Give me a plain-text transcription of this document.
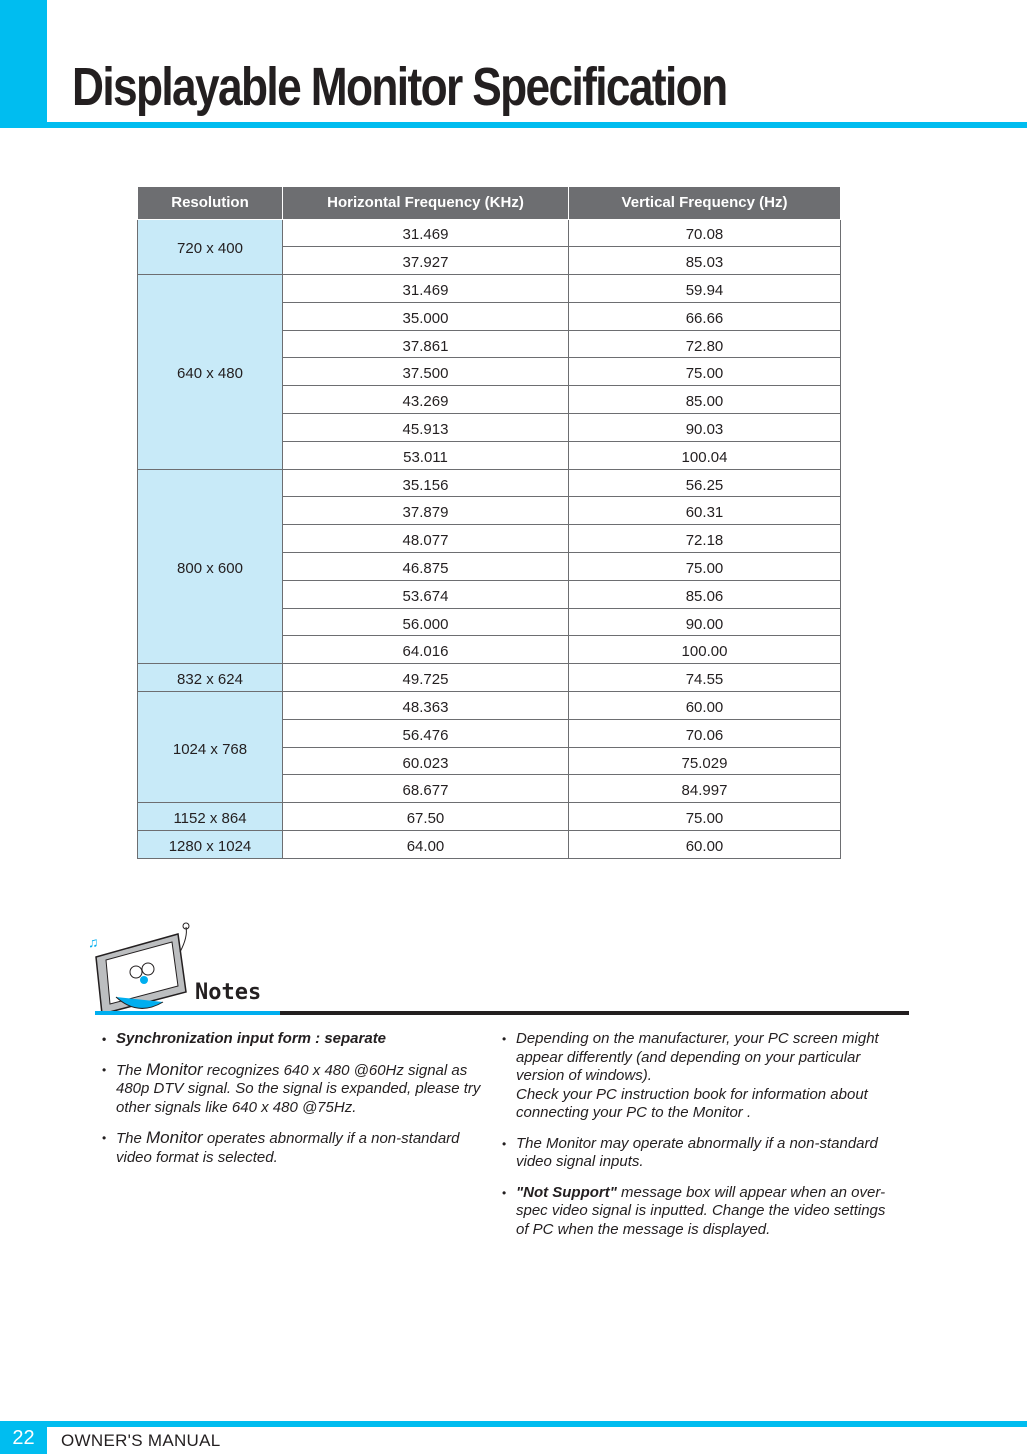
Displayable Monitor Specification
Resolution	Horizontal Frequency (KHz)	Vertical Frequency (Hz)
720 x 400	31.469	70.08
	37.927	85.03
640 x 480	31.469	59.94
	35.000	66.66
	37.861	72.80
	37.500	75.00
	43.269	85.00
	45.913	90.03
	53.011	100.04
800 x 600	35.156	56.25
	37.879	60.31
	48.077	72.18
	46.875	75.00
	53.674	85.06
	56.000	90.00
	64.016	100.00
832 x 624	49.725	74.55
1024 x 768	48.363	60.00
	56.476	70.06
	60.023	75.029
	68.677	84.997
1152 x 864	67.50	75.00
1280 x 1024	64.00	60.00
♫
Notes
• Synchronization input form : separate
• The Monitor recognizes 640 x 480 @60Hz signal as 480p DTV signal. So the signal is expanded, please try other signals like 640 x 480 @75Hz.
• The Monitor operates abnormally if a non-standard video format is selected.
• Depending on the manufacturer, your PC screen might appear differently (and depending on your particular version of windows).
Check your PC instruction book for information about connecting your PC to the Monitor .
• The Monitor may operate abnormally if a non-standard video signal inputs.
• "Not Support" message box will appear when an over-spec video signal is inputted. Change the video settings of PC when the message is displayed.
22	OWNER'S MANUAL
